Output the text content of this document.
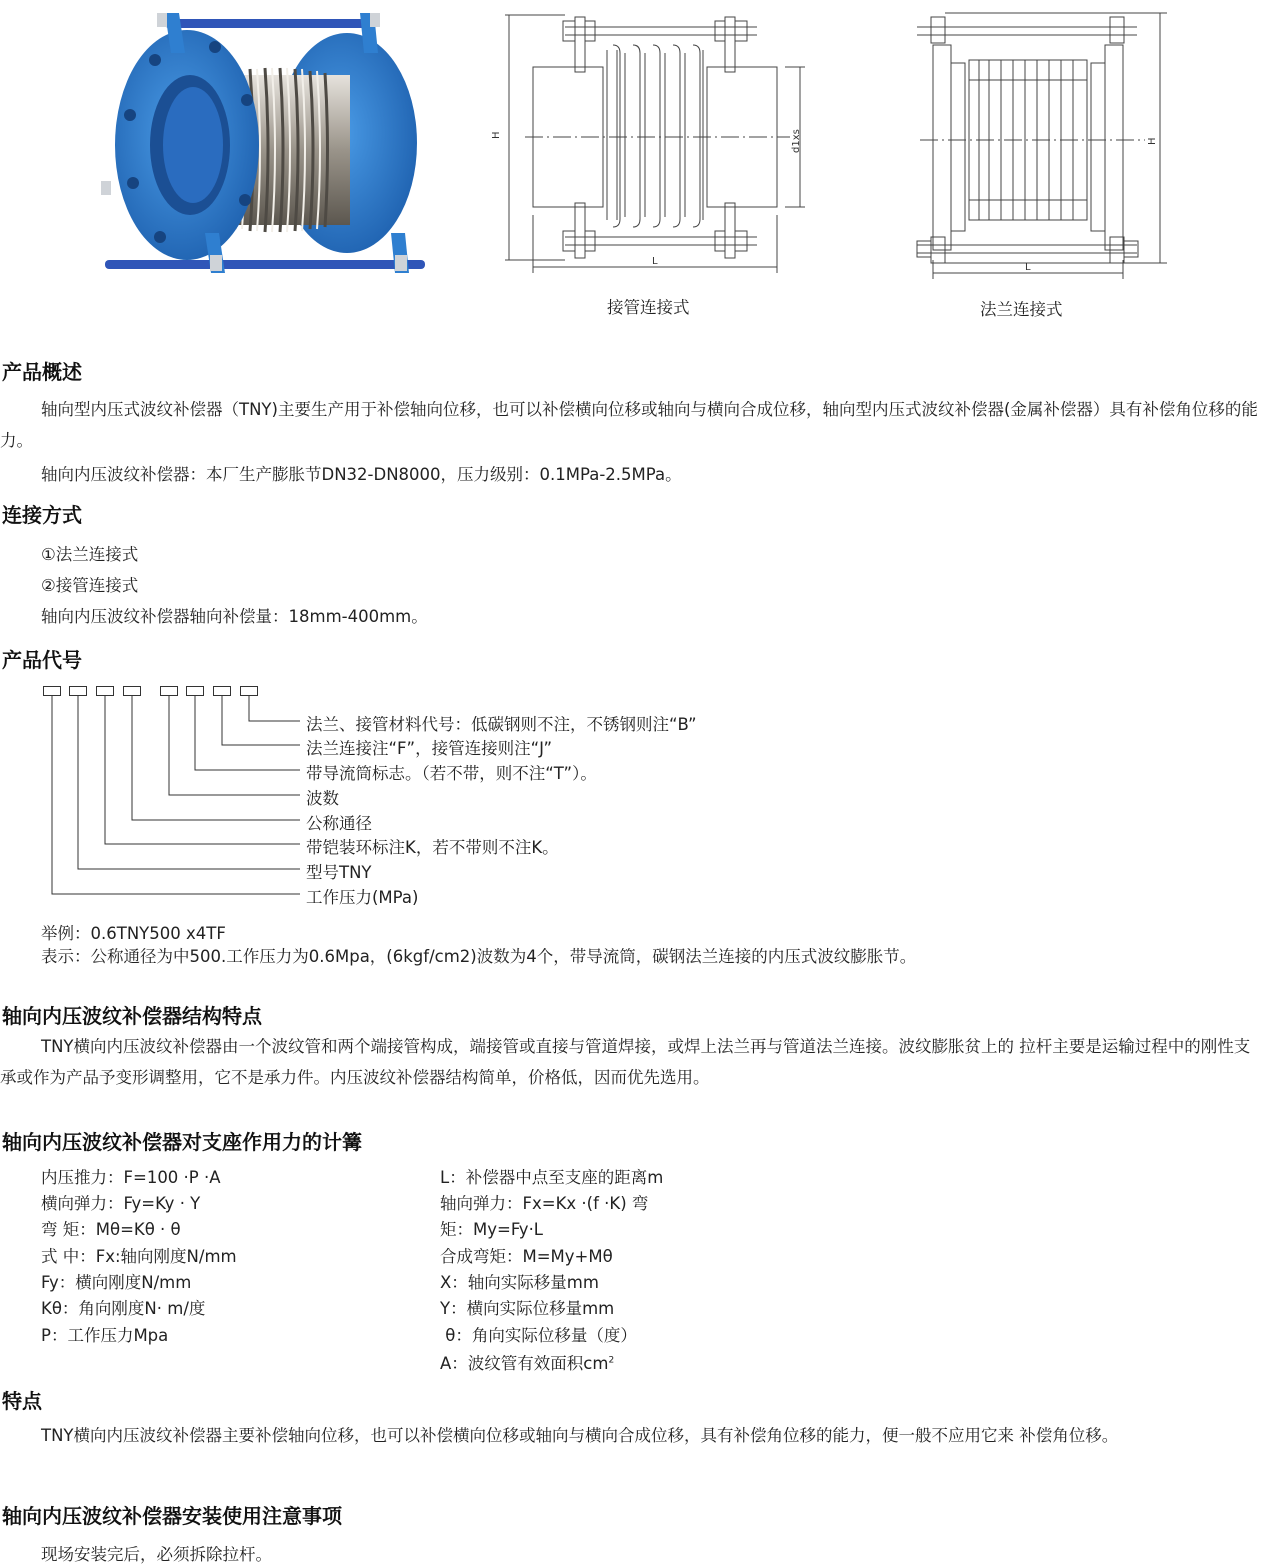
H	d1xs
L
H
L
接管连接式	法兰连接式
产品概述
轴向型内压式波纹补偿器（TNY)主要生产用于补偿轴向位移，也可以补偿横向位移或轴向与横向合成位移，轴向型内压式波纹补偿器(金属补偿器）具有补偿角位移的能力。
轴向内压波纹补偿器：本厂生产膨胀节DN32-DN8000，压力级别：0.1MPa-2.5MPa。
连接方式
①法兰连接式
②接管连接式
轴向内压波纹补偿器轴向补偿量：18mm-400mm。
产品代号
法兰、接管材料代号：低碳钢则不注，不锈钢则注“B”
法兰连接注“F”，接管连接则注“J”
带导流筒标志。（若不带，则不注“T”）。
波数
公称通径
带铠装环标注K，若不带则不注K。
型号TNY
工作压力(MPa)
举例：0.6TNY500 x4TF
表示：公称通径为中500.工作压力为0.6Mpa，(6kgf/cm2)波数为4个，带导流筒，碳钢法兰连接的内压式波纹膨胀节。
轴向内压波纹补偿器结构特点
TNY横向内压波纹补偿器由一个波纹管和两个端接管构成，端接管或直接与管道焊接，或焊上法兰再与管道法兰连接。波纹膨胀贫上的 拉杆主要是运输过程中的刚性支承或作为产品予变形调整用，它不是承力件。内压波纹补偿器结构简单，价格低，因而优先选用。
轴向内压波纹补偿器对支座作用力的计篝
内压推力：F=100 ·P ·A
横向弹力：Fy=Ky · Y
弯 矩：Mθ=Kθ · θ
式 中：Fx:轴向刚度N/mm
Fy：横向刚度N/mm
Kθ：角向刚度N· m/度
P：工作压力Mpa
L：补偿器中点至支座的距离m
轴向弹力：Fx=Kx ·(f ·K) 弯
矩：My=Fy·L
合成弯矩：M=My+Mθ
X：轴向实际移量mm
Y：横向实际位移量mm
θ：角向实际位移量（度）
A：波纹管有效面积$cm^2$
特点
TNY横向内压波纹补偿器主要补偿轴向位移，也可以补偿横向位移或轴向与横向合成位移，具有补偿角位移的能力，便一般不应用它来 补偿角位移。
轴向内压波纹补偿器安装使用注意事项
现场安装完后，必须拆除拉杆。
